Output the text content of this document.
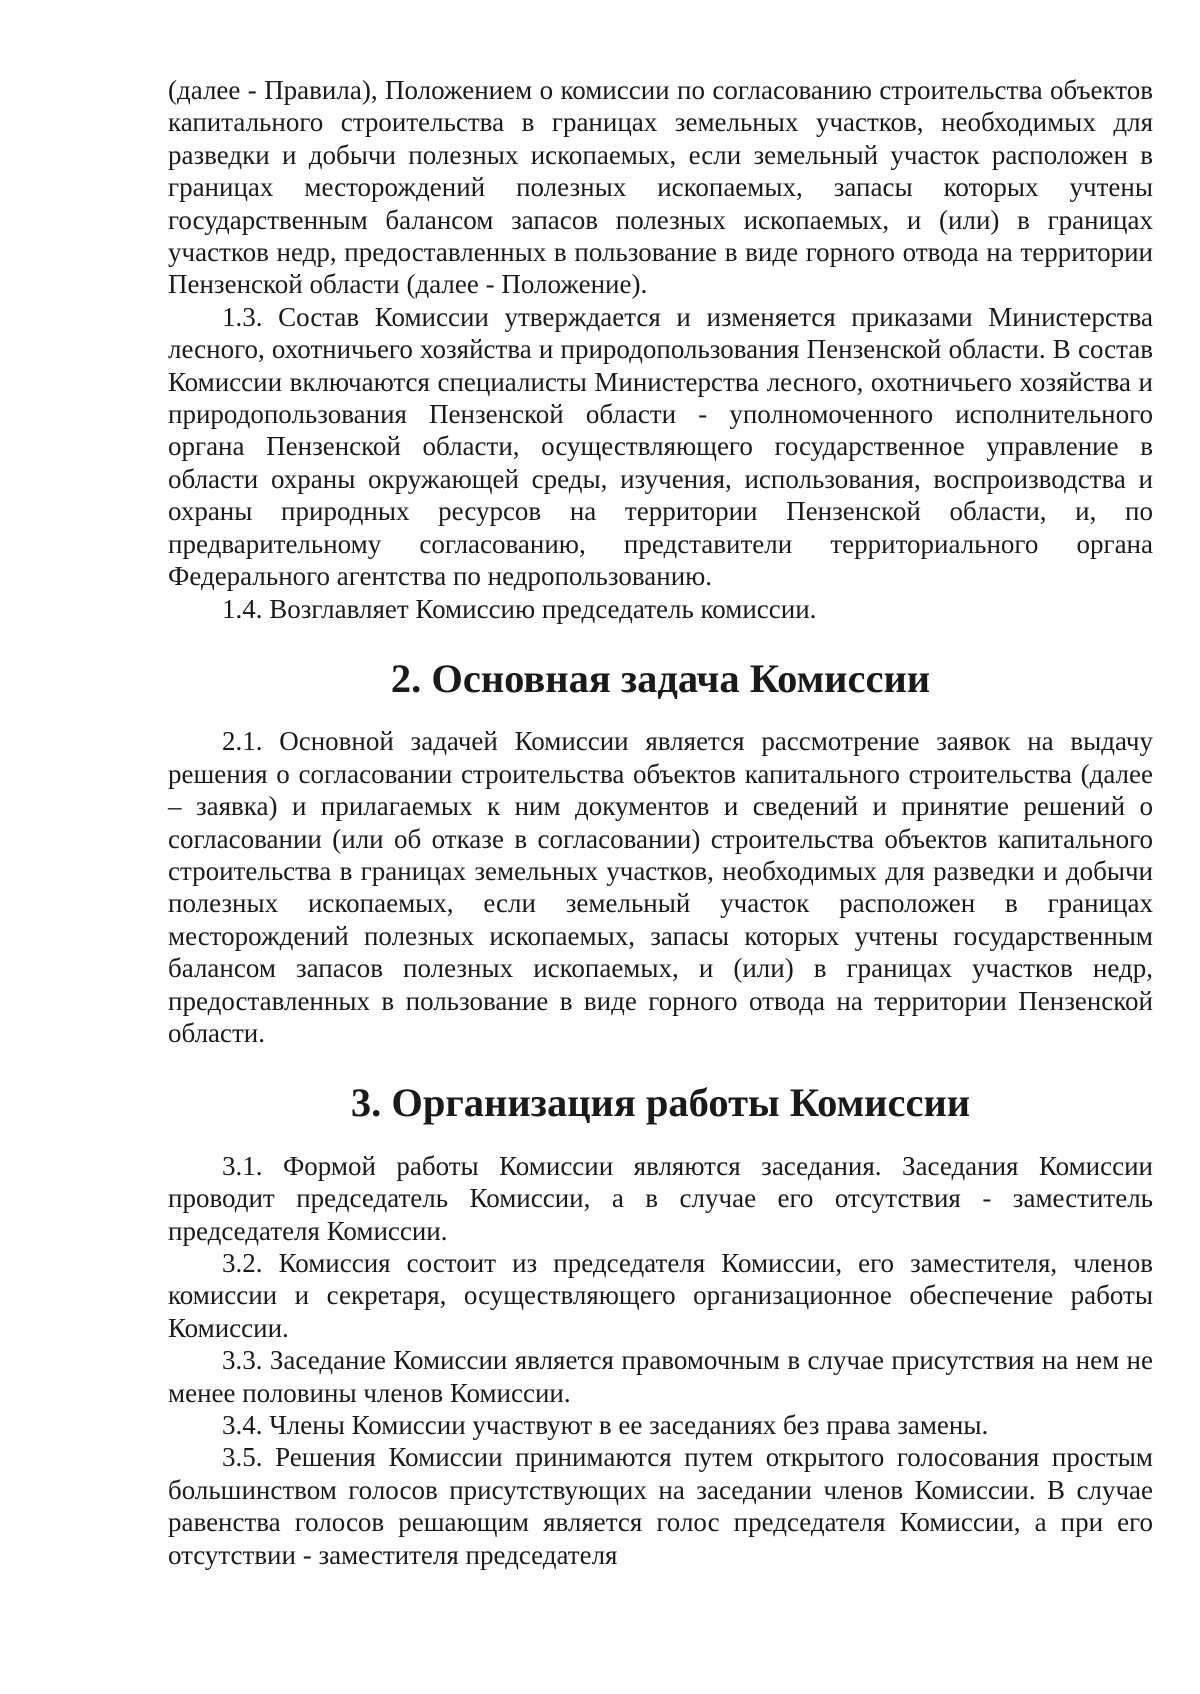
(далее - Правила), Положением о комиссии по согласованию строительства объектов капитального строительства в границах земельных участков, необходимых для разведки и добычи полезных ископаемых, если земельный участок расположен в границах месторождений полезных ископаемых, запасы которых учтены государственным балансом запасов полезных ископаемых, и (или) в границах участков недр, предоставленных в пользование в виде горного отвода на территории Пензенской области (далее - Положение).

1.3. Состав Комиссии утверждается и изменяется приказами Министерства лесного, охотничьего хозяйства и природопользования Пензенской области. В состав Комиссии включаются специалисты Министерства лесного, охотничьего хозяйства и природопользования Пензенской области - уполномоченного исполнительного органа Пензенской области, осуществляющего государственное управление в области охраны окружающей среды, изучения, использования, воспроизводства и охраны природных ресурсов на территории Пензенской области, и, по предварительному согласованию, представители территориального органа Федерального агентства по недропользованию.

1.4. Возглавляет Комиссию председатель комиссии.

2. Основная задача Комиссии

2.1. Основной задачей Комиссии является рассмотрение заявок на выдачу решения о согласовании строительства объектов капитального строительства (далее – заявка) и прилагаемых к ним документов и сведений и принятие решений о согласовании (или об отказе в согласовании) строительства объектов капитального строительства в границах земельных участков, необходимых для разведки и добычи полезных ископаемых, если земельный участок расположен в границах месторождений полезных ископаемых, запасы которых учтены государственным балансом запасов полезных ископаемых, и (или) в границах участков недр, предоставленных в пользование в виде горного отвода на территории Пензенской области.

3. Организация работы Комиссии

3.1. Формой работы Комиссии являются заседания. Заседания Комиссии проводит председатель Комиссии, а в случае его отсутствия - заместитель председателя Комиссии.

3.2. Комиссия состоит из председателя Комиссии, его заместителя, членов комиссии и секретаря, осуществляющего организационное обеспечение работы Комиссии.

3.3. Заседание Комиссии является правомочным в случае присутствия на нем не менее половины членов Комиссии.

3.4. Члены Комиссии участвуют в ее заседаниях без права замены.

3.5. Решения Комиссии принимаются путем открытого голосования простым большинством голосов присутствующих на заседании членов Комиссии. В случае равенства голосов решающим является голос председателя Комиссии, а при его отсутствии - заместителя председателя
